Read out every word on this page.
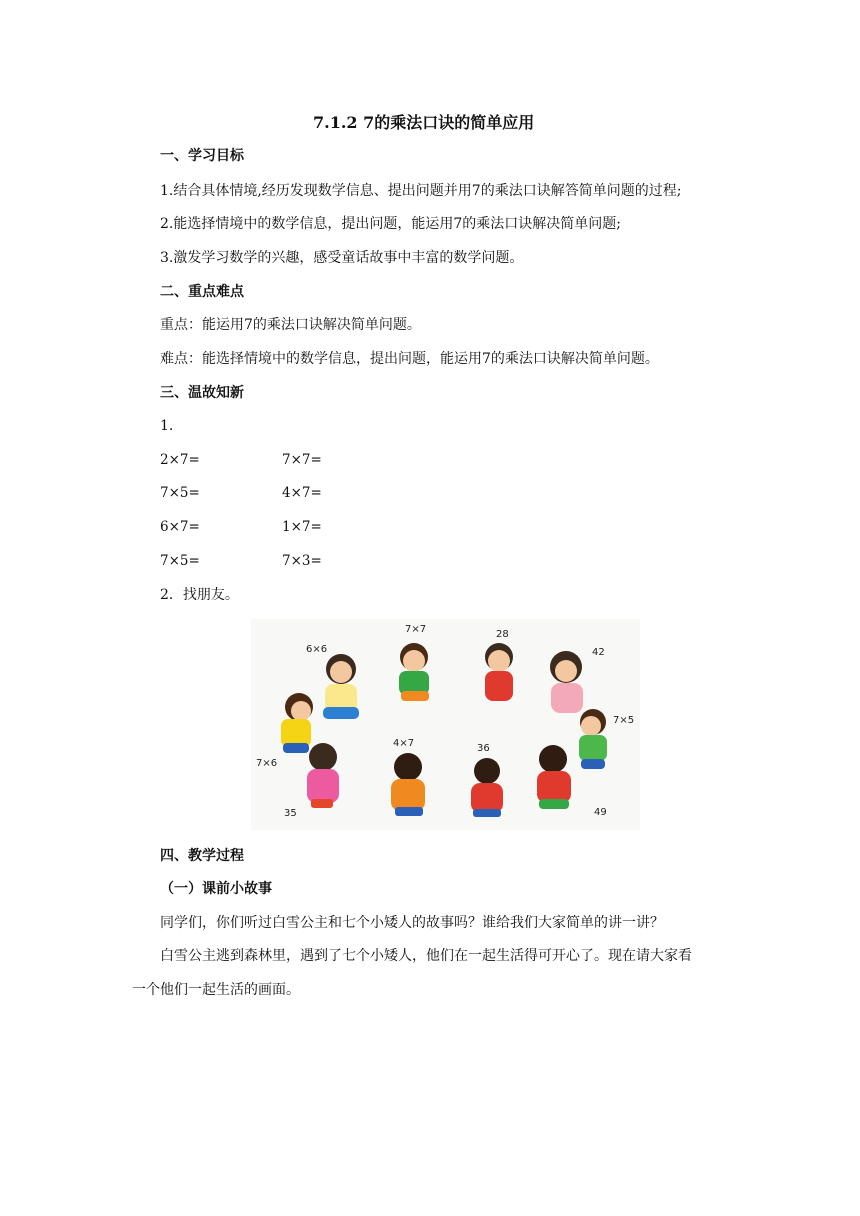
7.1.2 7的乘法口诀的简单应用
一、学习目标
1.结合具体情境,经历发现数学信息、提出问题并用7的乘法口诀解答简单问题的过程;
2.能选择情境中的数学信息，提出问题，能运用7的乘法口诀解决简单问题;
3.激发学习数学的兴趣，感受童话故事中丰富的数学问题。
二、重点难点
重点：能运用7的乘法口诀解决简单问题。
难点：能选择情境中的数学信息，提出问题，能运用7的乘法口诀解决简单问题。
三、温故知新
1.
2×7=	7×7=
7×5=	4×7=
6×7=	1×7=
7×5=	7×3=
2．找朋友。
6×6
7×7	28
42
7×5
7×6
4×7	36
35	49
四、教学过程
（一）课前小故事
同学们，你们听过白雪公主和七个小矮人的故事吗？谁给我们大家简单的讲一讲？
白雪公主逃到森林里，遇到了七个小矮人，他们在一起生活得可开心了。现在请大家看
一个他们一起生活的画面。
